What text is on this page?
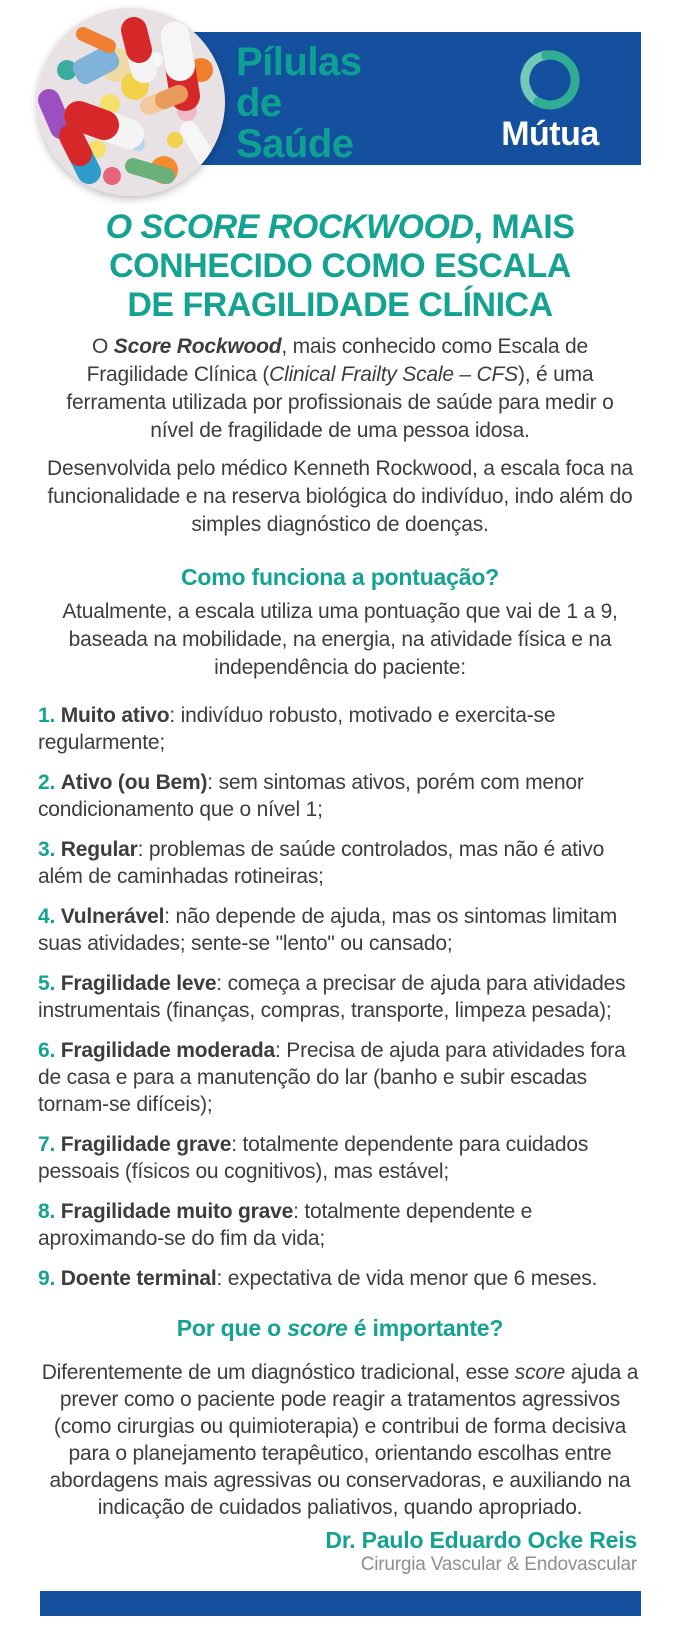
Pílulas
de
Saúde	Mútua
O SCORE ROCKWOOD, MAIS
CONHECIDO COMO ESCALA
DE FRAGILIDADE CLÍNICA
O Score Rockwood, mais conhecido como Escala de Fragilidade Clínica (Clinical Frailty Scale – CFS), é uma ferramenta utilizada por profissionais de saúde para medir o nível de fragilidade de uma pessoa idosa.
Desenvolvida pelo médico Kenneth Rockwood, a escala foca na funcionalidade e na reserva biológica do indivíduo, indo além do simples diagnóstico de doenças.
Como funciona a pontuação?
Atualmente, a escala utiliza uma pontuação que vai de 1 a 9, baseada na mobilidade, na energia, na atividade física e na independência do paciente:
1. Muito ativo: indivíduo robusto, motivado e exercita-se regularmente;
2. Ativo (ou Bem): sem sintomas ativos, porém com menor condicionamento que o nível 1;
3. Regular: problemas de saúde controlados, mas não é ativo além de caminhadas rotineiras;
4. Vulnerável: não depende de ajuda, mas os sintomas limitam suas atividades; sente-se "lento" ou cansado;
5. Fragilidade leve: começa a precisar de ajuda para atividades instrumentais (finanças, compras, transporte, limpeza pesada);
6. Fragilidade moderada: Precisa de ajuda para atividades fora de casa e para a manutenção do lar (banho e subir escadas tornam-se difíceis);
7. Fragilidade grave: totalmente dependente para cuidados pessoais (físicos ou cognitivos), mas estável;
8. Fragilidade muito grave: totalmente dependente e aproximando-se do fim da vida;
9. Doente terminal: expectativa de vida menor que 6 meses.
Por que o score é importante?
Diferentemente de um diagnóstico tradicional, esse score ajuda a prever como o paciente pode reagir a tratamentos agressivos (como cirurgias ou quimioterapia) e contribui de forma decisiva para o planejamento terapêutico, orientando escolhas entre abordagens mais agressivas ou conservadoras, e auxiliando na indicação de cuidados paliativos, quando apropriado.
Dr. Paulo Eduardo Ocke Reis
Cirurgia Vascular & Endovascular
